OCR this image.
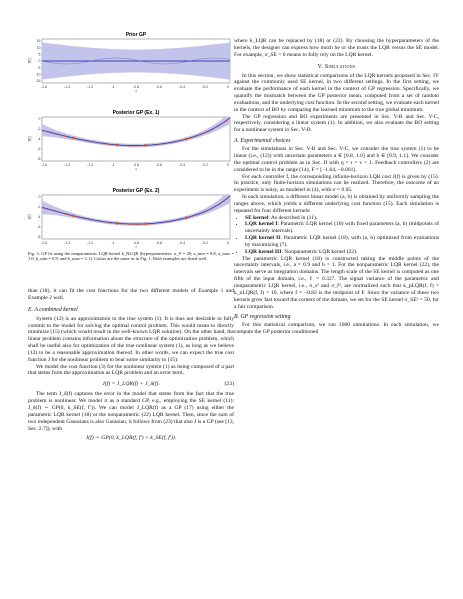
Prior GP
15
10
5
0
-5
-10
-15
J(f)
-1.6	-1.4	-1.2	-1	-0.8	-0.6	-0.4	-0.2	0
f
Posterior GP (Ex. 1)
0
-2
-4
-6
-8
J(f)
-1.6	-1.4	-1.2	-1	-0.8	-0.6	-0.4	-0.2	0
f
Posterior GP (Ex. 2)
0
-2
-4
-6
-8
J(f)
-1.6	-1.4	-1.2	-1	-0.8	-0.6	-0.4	-0.2	0
f

Fig. 3. GP fit using the nonparametric LQR kernel k_NLQR (hyperparameters: σ_f² = 20, a_min = 0.8, a_max = 1.0, b_min = 0.9, and b_max = 1.1). Colors are the same as in Fig. 1. Both examples are fitted well.

than (18), it can fit the cost functions for the two different models of Example 1 and Example 2 well.

E. A combined kernel

System (12) is an approximation to the true system (1). It is thus not desirable to fully commit to the model for solving the optimal control problem. This would mean to directly minimize (15) (which would result in the well-known LQR solution). On the other hand, the linear problem contains information about the structure of the optimization problem, which shall be useful also for optimization of the true nonlinear system (1), as long as we believe (12) to be a reasonable approximation thereof. In other words, we can expect the true cost function J for the nonlinear problem to bear some similarity to (15).

We model the cost function (3) for the nonlinear system (1) as being composed of a part that stems from the approximation as LQR problem and an error term,

J(f) = J_LQR(f) + J_δ(f).	(23)

The term J_δ(f) captures the error in the model that stems from the fact that the true problem is nonlinear. We model it as a standard GP, e.g., employing the SE kernel (11): J_δ(f) ∼ GP(0, k_SE(f, f′)). We can model J_LQR(f) as a GP (17) using either the parametric LQR kernel (18) or the nonparametric (22) LQR kernel. Then, since the sum of two independent Gaussians is also Gaussian, it follows from (23) that also J is a GP (see [13, Sec. 2.7]), with

J(f) ∼ GP(0, k_LQR(f, f′) + k_SE(f, f′)).

where k_LQR can be replaced by (18) or (22). By choosing the hyperparameters of the kernels, the designer can express how much he or she trusts the LQR versus the SE model. For example, σ_SE = 0 means to fully rely on the LQR kernel.

V. Simulations

In this section, we show statistical comparisons of the LQR kernels proposed in Sec. IV against the commonly used SE kernel, in two different settings. In the first setting, we evaluate the performance of each kernel in the context of GP regression. Specifically, we quantify the mismatch between the GP posterior mean, computed from a set of random evaluations, and the underlying cost function. In the second setting, we evaluate each kernel in the context of BO by comparing the learned minimum to the true global minimum.

The GP regression and BO experiments are presented in Sec. V-B and Sec. V-C, respectively, considering a linear system (1). In addition, we also evaluate the BO setting for a nonlinear system in Sec. V-D.

A. Experimental choices

For the simulations in Sec. V-B and Sec. V-C, we consider the true system (1) to be linear (i.e., (12)) with uncertain parameters a ∈ [0.8, 1.0] and b ∈ [0.9, 1.1]. We consider the optimal control problem as in Sec. II with q = r = v = 1. Feedback controllers (2) are considered to be in the range (14), F = [−1.64, −0.001].

For each controller f, the corresponding infinite-horizon LQR cost J(f) is given by (15). In practice, only finite-horizon simulations can be realized. Therefore, the outcome of an experiment is noisy, as modeled in (4), with σ = 0.05.

In each simulation, a different linear model (a, b) is obtained by uniformly sampling the ranges above, which yields a different underlying cost function (15). Each simulation is repeated for four different kernels:

• SE kernel: As described in (11).
• LQR kernel I: Parametric LQR kernel (18) with fixed parameters (a, b) (midpoints of uncertainty intervals).
• LQR kernel II: Parametric LQR kernel (18), with (a, b) optimized from evaluations by maximizing (7).
• LQR kernel III: Nonparametric LQR kernel (22).

The parametric LQR kernel (18) is constructed taking the middle points of the uncertainty intervals, i.e., a = 0.9 and b = 1. For the nonparametric LQR kernel (22), the intervals serve as integration domains. The length scale of the SE kernel is computed as one fifth of the input domain, i.e., ℓ = 0.327. The signal variance of the parametric and nonparametric LQR kernel, i.e., σ_s² and σ_f², are normalized such that k_pLQR(f, f) = k_nLQR(f, f) = 10, where f = −0.82 is the midpoint of F. Since the variance of these two kernels grow fast toward the corners of the domain, we set for the SE kernel σ_SE² = 50, for a fair comparison.

B. GP regression setting

For this statistical comparison, we run 1000 simulations. In each simulation, we compute the GP posterior conditioned
